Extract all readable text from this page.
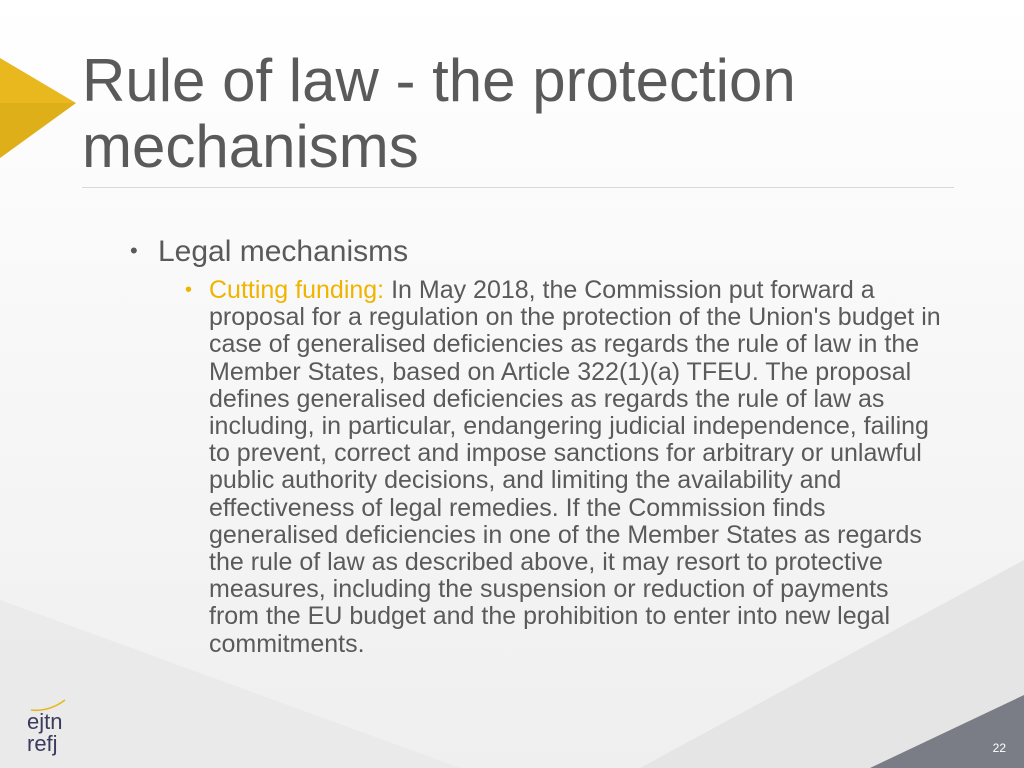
Rule of law - the protection mechanisms
• Legal mechanisms
• Cutting funding: In May 2018, the Commission put forward a proposal for a regulation on the protection of the Union's budget in case of generalised deficiencies as regards the rule of law in the Member States, based on Article 322(1)(a) TFEU. The proposal defines generalised deficiencies as regards the rule of law as including, in particular, endangering judicial independence, failing to prevent, correct and impose sanctions for arbitrary or unlawful public authority decisions, and limiting the availability and effectiveness of legal remedies. If the Commission finds generalised deficiencies in one of the Member States as regards the rule of law as described above, it may resort to protective measures, including the suspension or reduction of payments from the EU budget and the prohibition to enter into new legal commitments.

ejtn
refj	22
